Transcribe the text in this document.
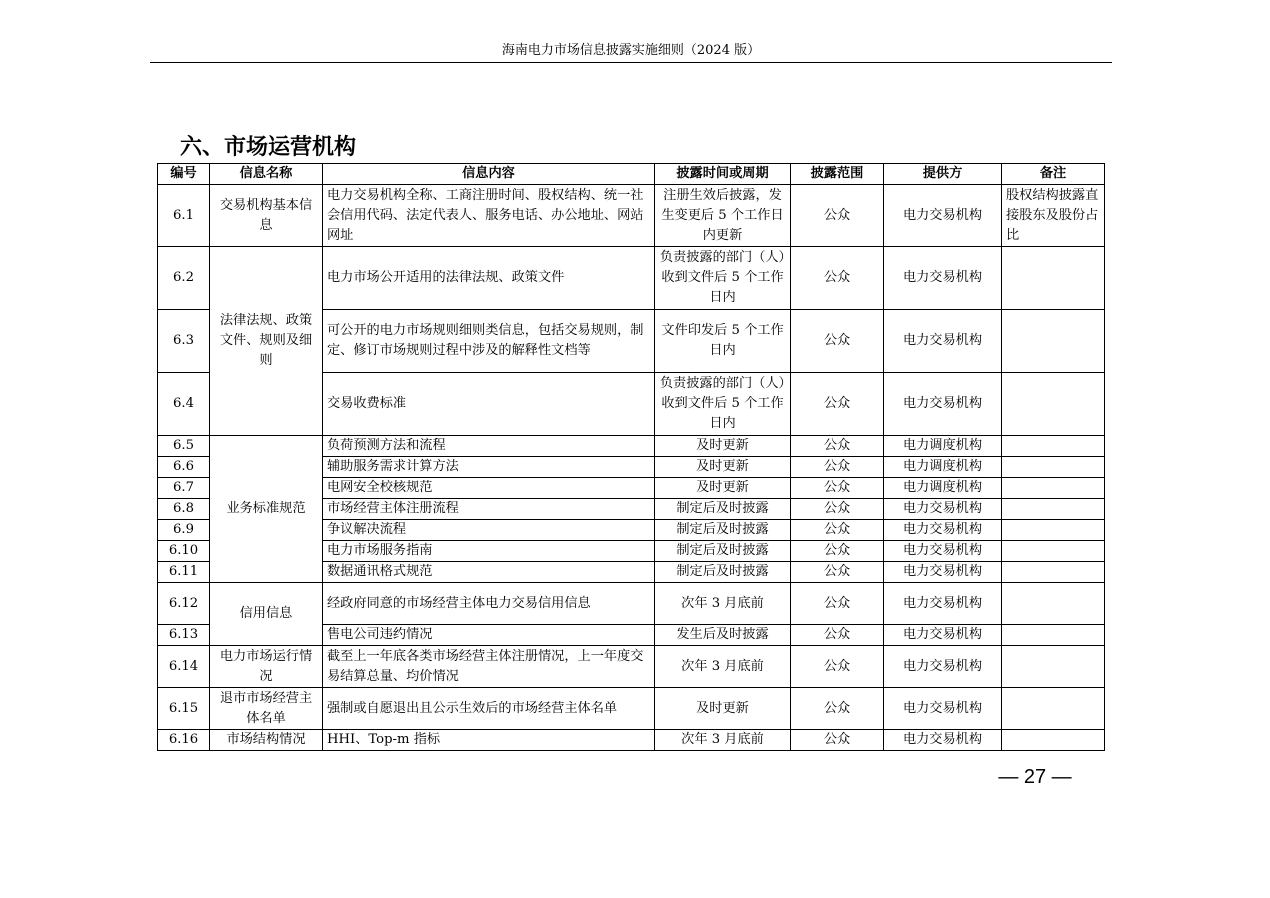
海南电力市场信息披露实施细则（2024 版）
六、市场运营机构
编号	信息名称	信息内容	披露时间或周期	披露范围	提供方	备注
6.1	交易机构基本信息	电力交易机构全称、工商注册时间、股权结构、统一社会信用代码、法定代表人、服务电话、办公地址、网站网址	注册生效后披露，发生变更后 5 个工作日内更新	公众	电力交易机构	股权结构披露直接股东及股份占比
6.2	法律法规、政策文件、规则及细则	电力市场公开适用的法律法规、政策文件	负责披露的部门（人）收到文件后 5 个工作日内	公众	电力交易机构	
6.3		可公开的电力市场规则细则类信息，包括交易规则，制定、修订市场规则过程中涉及的解释性文档等	文件印发后 5 个工作日内	公众	电力交易机构	
6.4		交易收费标准	负责披露的部门（人）收到文件后 5 个工作日内	公众	电力交易机构	
6.5	业务标准规范	负荷预测方法和流程	及时更新	公众	电力调度机构	
6.6		辅助服务需求计算方法	及时更新	公众	电力调度机构	
6.7		电网安全校核规范	及时更新	公众	电力调度机构	
6.8		市场经营主体注册流程	制定后及时披露	公众	电力交易机构	
6.9		争议解决流程	制定后及时披露	公众	电力交易机构	
6.10		电力市场服务指南	制定后及时披露	公众	电力交易机构	
6.11		数据通讯格式规范	制定后及时披露	公众	电力交易机构	
6.12	信用信息	经政府同意的市场经营主体电力交易信用信息	次年 3 月底前	公众	电力交易机构	
6.13		售电公司违约情况	发生后及时披露	公众	电力交易机构	
6.14	电力市场运行情况	截至上一年底各类市场经营主体注册情况，上一年度交易结算总量、均价情况	次年 3 月底前	公众	电力交易机构	
6.15	退市市场经营主体名单	强制或自愿退出且公示生效后的市场经营主体名单	及时更新	公众	电力交易机构	
6.16	市场结构情况	HHI、Top-m 指标	次年 3 月底前	公众	电力交易机构	
— 27 —
